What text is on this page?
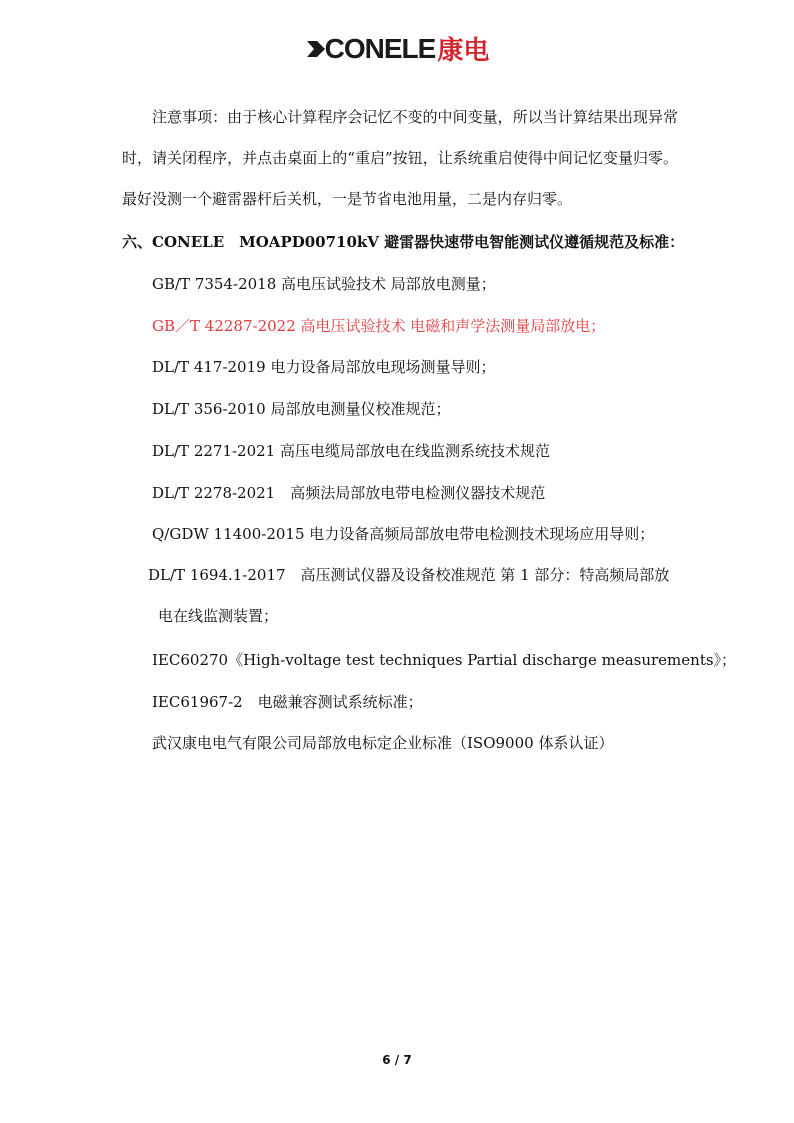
CONELE 康电

注意事项：由于核心计算程序会记忆不变的中间变量，所以当计算结果出现异常时，请关闭程序，并点击桌面上的“重启”按钮，让系统重启使得中间记忆变量归零。最好没测一个避雷器杆后关机，一是节省电池用量，二是内存归零。

六、CONELE　MOAPD00710kV 避雷器快速带电智能测试仪遵循规范及标准：
GB/T 7354-2018 高电压试验技术 局部放电测量；
GB／T 42287-2022 高电压试验技术 电磁和声学法测量局部放电；
DL/T 417-2019 电力设备局部放电现场测量导则；
DL/T 356-2010 局部放电测量仪校准规范；
DL/T 2271-2021 高压电缆局部放电在线监测系统技术规范
DL/T 2278-2021　高频法局部放电带电检测仪器技术规范
Q/GDW 11400-2015 电力设备高频局部放电带电检测技术现场应用导则；
DL/T 1694.1-2017　高压测试仪器及设备校准规范 第 1 部分：特高频局部放
电在线监测装置；
IEC60270《High-voltage test techniques Partial discharge measurements》；
IEC61967-2　电磁兼容测试系统标准；
武汉康电电气有限公司局部放电标定企业标准（ISO9000 体系认证）
6 / 7
